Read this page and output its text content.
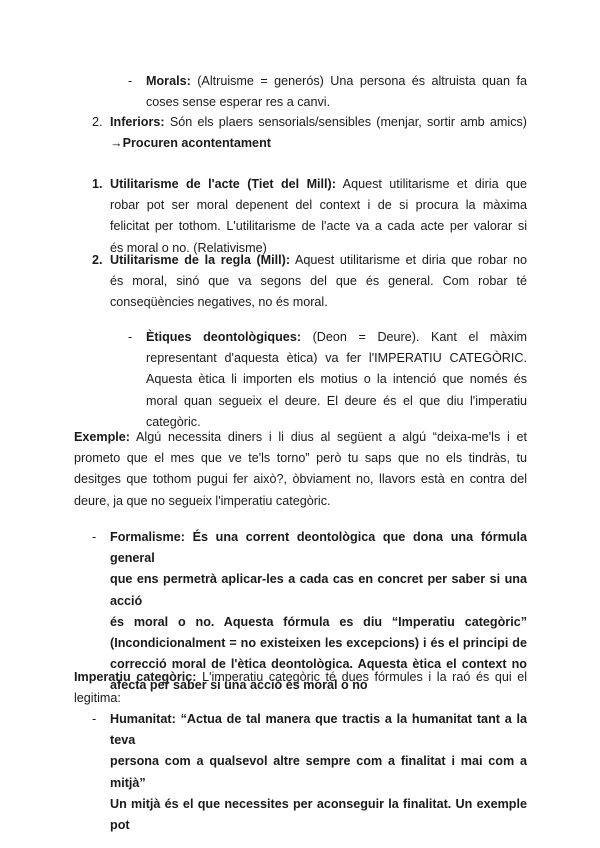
- Morals: (Altruisme = generós) Una persona és altruista quan fa
coses sense esperar res a canvi.
2. Inferiors: Són els plaers sensorials/sensibles (menjar, sortir amb amics)
→Procuren acontentament
1. Utilitarisme de l'acte (Tiet del Mill): Aquest utilitarisme et diria que
robar pot ser moral depenent del context i de si procura la màxima
felicitat per tothom. L'utilitarisme de l'acte va a cada acte per valorar si
és moral o no. (Relativisme)
2. Utilitarisme de la regla (Mill): Aquest utilitarisme et diria que robar no
és moral, sinó que va segons del que és general. Com robar té
conseqüències negatives, no és moral.
- Ètiques deontològiques: (Deon = Deure). Kant el màxim
representant d'aquesta ètica) va fer l'IMPERATIU CATEGÒRIC.
Aquesta ètica li importen els motius o la intenció que només és
moral quan segueix el deure. El deure és el que diu l'imperatiu
categòric.
Exemple: Algú necessita diners i li dius al següent a algú “deixa-me'ls i et
prometo que el mes que ve te'ls torno” però tu saps que no els tindràs, tu
desitges que tothom pugui fer això?, òbviament no, llavors està en contra del
deure, ja que no segueix l'imperatiu categòric.
- Formalisme: És una corrent deontològica que dona una fórmula general
que ens permetrà aplicar-les a cada cas en concret per saber si una acció
és moral o no. Aquesta fórmula es diu “Imperatiu categòric”
(Incondicionalment = no existeixen les excepcions) i és el principi de
correcció moral de l'ètica deontològica. Aquesta ètica el context no
afecta per saber si una acció és moral o no
Imperatiu categòric: L'imperatiu categòric té dues fórmules i la raó és qui el
legitima:
- Humanitat: “Actua de tal manera que tractis a la humanitat tant a la teva
persona com a qualsevol altre sempre com a finalitat i mai com a mitjà”
Un mitjà és el que necessites per aconseguir la finalitat. Un exemple pot
